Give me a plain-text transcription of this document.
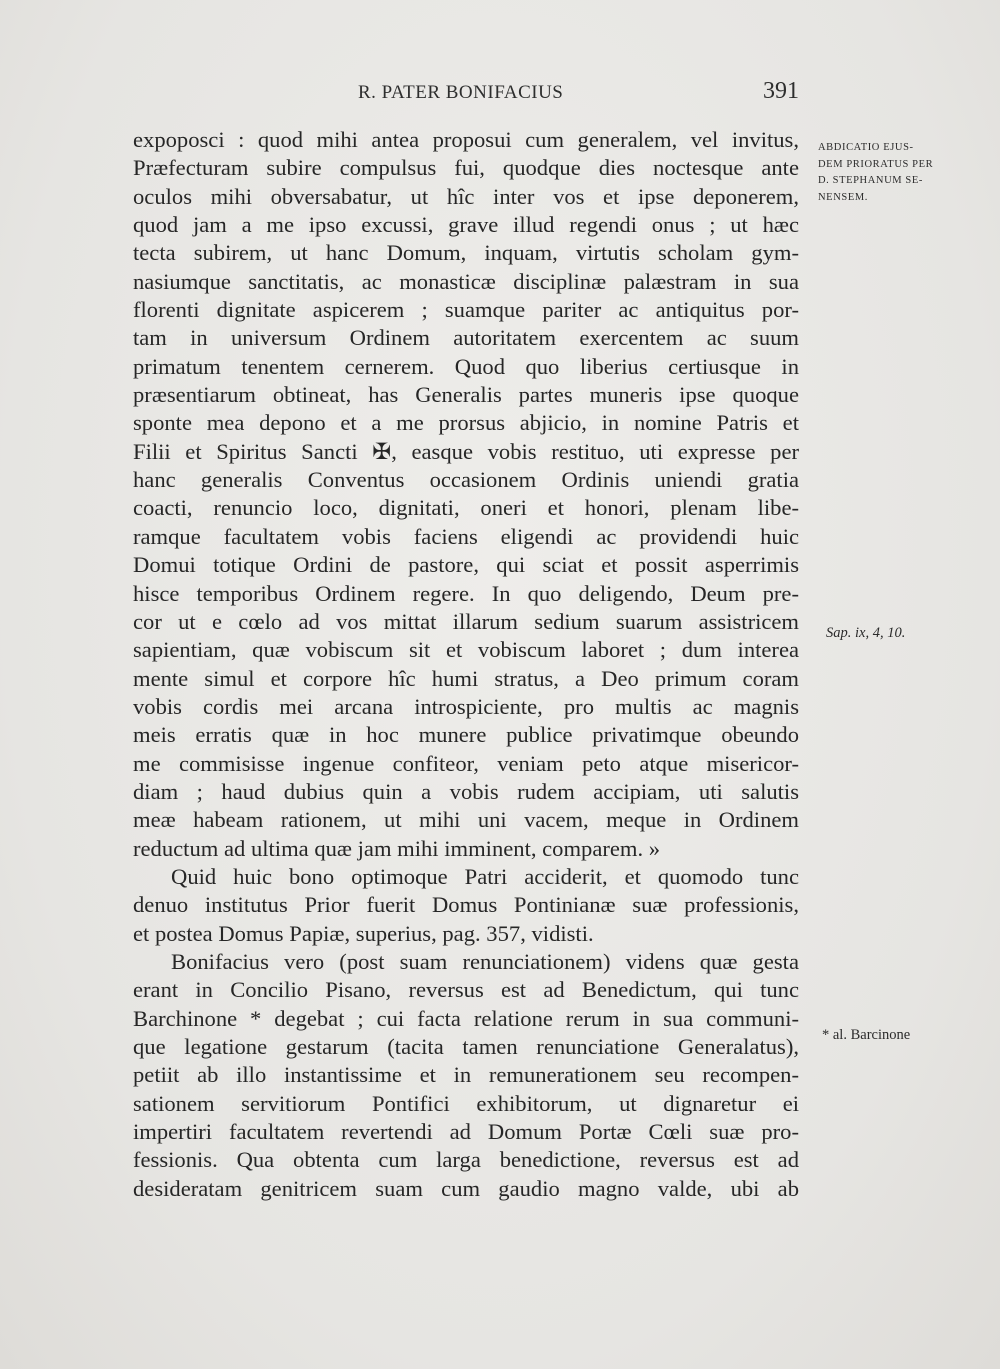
R. PATER BONIFACIUS	391
expoposci : quod mihi antea proposui cum generalem, vel invitus,
Præfecturam subire compulsus fui, quodque dies noctesque ante
oculos mihi obversabatur, ut hîc inter vos et ipse deponerem,
quod jam a me ipso excussi, grave illud regendi onus ; ut hæc
tecta subirem, ut hanc Domum, inquam, virtutis scholam gym-
nasiumque sanctitatis, ac monasticæ disciplinæ palæstram in sua
florenti dignitate aspicerem ; suamque pariter ac antiquitus por-
tam in universum Ordinem autoritatem exercentem ac suum
primatum tenentem cernerem. Quod quo liberius certiusque in
præsentiarum obtineat, has Generalis partes muneris ipse quoque
sponte mea depono et a me prorsus abjicio, in nomine Patris et
Filii et Spiritus Sancti ✠, easque vobis restituo, uti expresse per
hanc generalis Conventus occasionem Ordinis uniendi gratia
coacti, renuncio loco, dignitati, oneri et honori, plenam libe-
ramque facultatem vobis faciens eligendi ac providendi huic
Domui totique Ordini de pastore, qui sciat et possit asperrimis
hisce temporibus Ordinem regere. In quo deligendo, Deum pre-
cor ut e cœlo ad vos mittat illarum sedium suarum assistricem
sapientiam, quæ vobiscum sit et vobiscum laboret ; dum interea
mente simul et corpore hîc humi stratus, a Deo primum coram
vobis cordis mei arcana introspiciente, pro multis ac magnis
meis erratis quæ in hoc munere publice privatimque obeundo
me commisisse ingenue confiteor, veniam peto atque misericor-
diam ; haud dubius quin a vobis rudem accipiam, uti salutis
meæ habeam rationem, ut mihi uni vacem, meque in Ordinem
reductum ad ultima quæ jam mihi imminent, comparem. »
Quid huic bono optimoque Patri acciderit, et quomodo tunc
denuo institutus Prior fuerit Domus Pontinianæ suæ professionis,
et postea Domus Papiæ, superius, pag. 357, vidisti.
Bonifacius vero (post suam renunciationem) videns quæ gesta
erant in Concilio Pisano, reversus est ad Benedictum, qui tunc
Barchinone * degebat ; cui facta relatione rerum in sua communi-
que legatione gestarum (tacita tamen renunciatione Generalatus),
petiit ab illo instantissime et in remunerationem seu recompen-
sationem servitiorum Pontifici exhibitorum, ut dignaretur ei
impertiri facultatem revertendi ad Domum Portæ Cœli suæ pro-
fessionis. Qua obtenta cum larga benedictione, reversus est ad
desideratam genitricem suam cum gaudio magno valde, ubi ab
ABDICATIO EJUS-
DEM PRIORATUS PER
D. STEPHANUM SE-
NENSEM.
Sap. ix, 4, 10.
* al. Barcinone
